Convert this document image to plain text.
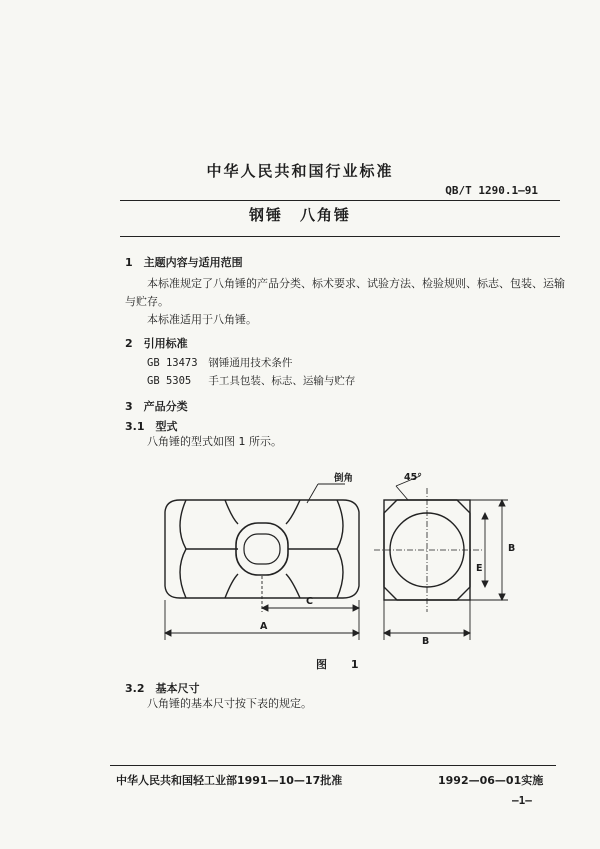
中华人民共和国行业标准
QB/T 1290.1—91
钢锤　八角锤
1　主题内容与适用范围
本标准规定了八角锤的产品分类、标术要求、试验方法、检验规则、标志、包装、运输
与贮存。
本标准适用于八角锤。
2　引用标准
GB 13473 钢锤通用技术条件
GB 5305 手工具包装、标志、运输与贮存
3　产品分类
3.1　型式
八角锤的型式如图 1 所示。
倒角	45°
C
A
B
E
B
图 1
3.2　基本尺寸
八角锤的基本尺寸按下表的规定。
中华人民共和国轻工业部1991—10—17批准	1992—06—01实施
—1—
